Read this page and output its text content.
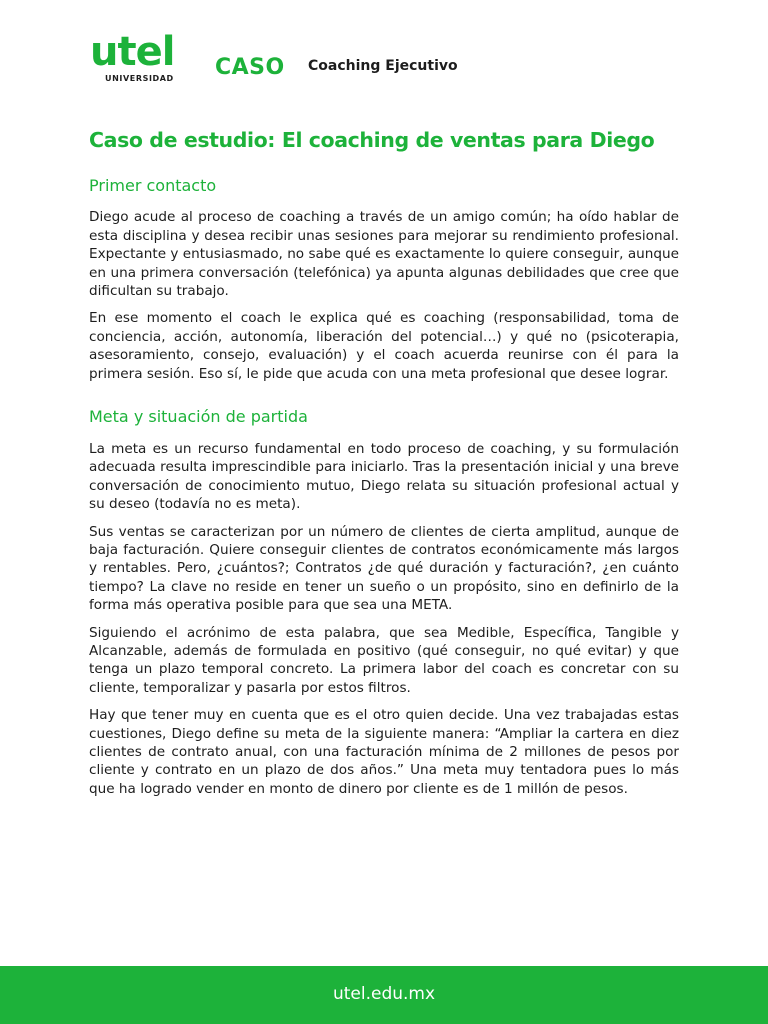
utel
UNIVERSIDAD CASO Coaching Ejecutivo
Caso de estudio: El coaching de ventas para Diego
Primer contacto

Diego acude al proceso de coaching a través de un amigo común; ha oído hablar de esta disciplina y desea recibir unas sesiones para mejorar su rendimiento profesional. Expectante y entusiasmado, no sabe qué es exactamente lo quiere conseguir, aunque en una primera conversación (telefónica) ya apunta algunas debilidades que cree que dificultan su trabajo.

En ese momento el coach le explica qué es coaching (responsabilidad, toma de conciencia, acción, autonomía, liberación del potencial…) y qué no (psicoterapia, asesoramiento, consejo, evaluación) y el coach acuerda reunirse con él para la primera sesión. Eso sí, le pide que acuda con una meta profesional que desee lograr.

Meta y situación de partida

La meta es un recurso fundamental en todo proceso de coaching, y su formulación adecuada resulta imprescindible para iniciarlo. Tras la presentación inicial y una breve conversación de conocimiento mutuo, Diego relata su situación profesional actual y su deseo (todavía no es meta).

Sus ventas se caracterizan por un número de clientes de cierta amplitud, aunque de baja facturación. Quiere conseguir clientes de contratos económicamente más largos y rentables. Pero, ¿cuántos?; Contratos ¿de qué duración y facturación?, ¿en cuánto tiempo? La clave no reside en tener un sueño o un propósito, sino en definirlo de la forma más operativa posible para que sea una META.

Siguiendo el acrónimo de esta palabra, que sea Medible, Específica, Tangible y Alcanzable, además de formulada en positivo (qué conseguir, no qué evitar) y que tenga un plazo temporal concreto. La primera labor del coach es concretar con su cliente, temporalizar y pasarla por estos filtros.

Hay que tener muy en cuenta que es el otro quien decide. Una vez trabajadas estas cuestiones, Diego define su meta de la siguiente manera: “Ampliar la cartera en diez clientes de contrato anual, con una facturación mínima de 2 millones de pesos por cliente y contrato en un plazo de dos años.” Una meta muy tentadora pues lo más que ha logrado vender en monto de dinero por cliente es de 1 millón de pesos.

utel.edu.mx
